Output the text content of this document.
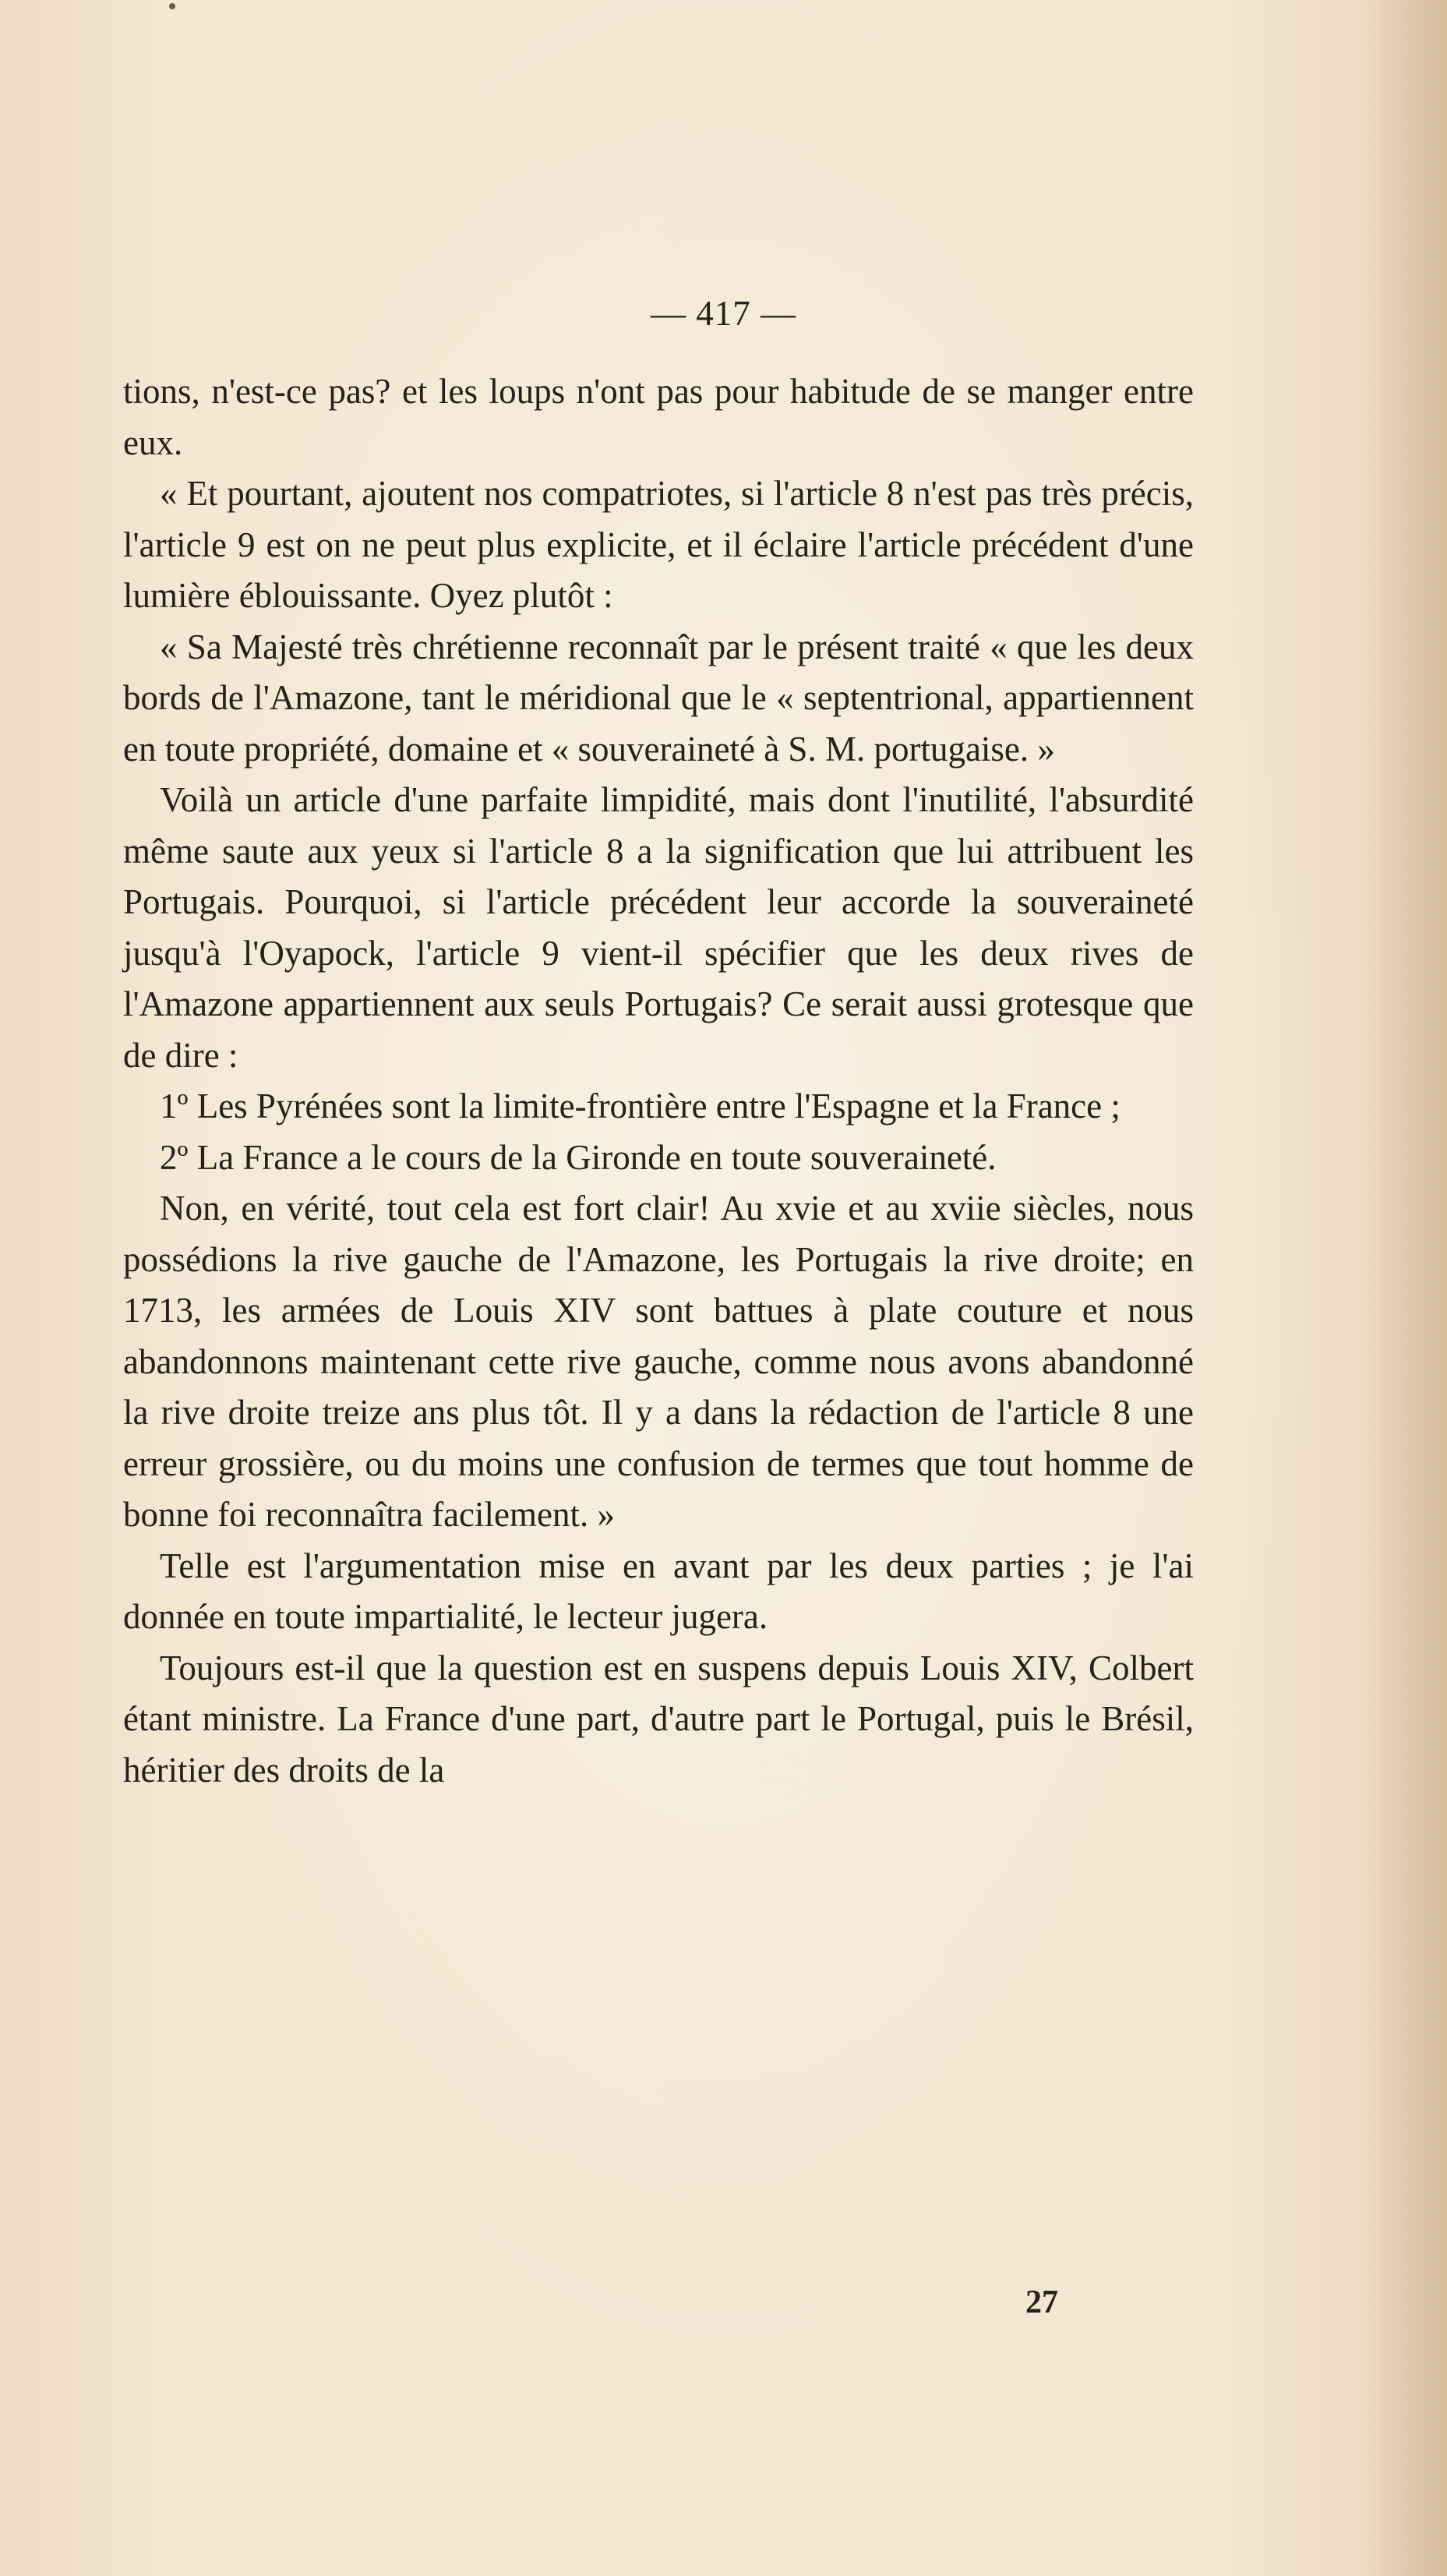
— 417 —

tions, n'est-ce pas? et les loups n'ont pas pour habitude de se manger entre eux.

« Et pourtant, ajoutent nos compatriotes, si l'article 8 n'est pas très précis, l'article 9 est on ne peut plus explicite, et il éclaire l'article précédent d'une lumière éblouissante. Oyez plutôt :

« Sa Majesté très chrétienne reconnaît par le présent traité « que les deux bords de l'Amazone, tant le méridional que le « septentrional, appartiennent en toute propriété, domaine et « souveraineté à S. M. portugaise. »

Voilà un article d'une parfaite limpidité, mais dont l'inutilité, l'absurdité même saute aux yeux si l'article 8 a la signification que lui attribuent les Portugais. Pourquoi, si l'article précédent leur accorde la souveraineté jusqu'à l'Oyapock, l'article 9 vient-il spécifier que les deux rives de l'Amazone appartiennent aux seuls Portugais? Ce serait aussi grotesque que de dire :

1º Les Pyrénées sont la limite-frontière entre l'Espagne et la France ;

2º La France a le cours de la Gironde en toute souveraineté.

Non, en vérité, tout cela est fort clair! Au xvie et au xviie siècles, nous possédions la rive gauche de l'Amazone, les Portugais la rive droite; en 1713, les armées de Louis XIV sont battues à plate couture et nous abandonnons maintenant cette rive gauche, comme nous avons abandonné la rive droite treize ans plus tôt. Il y a dans la rédaction de l'article 8 une erreur grossière, ou du moins une confusion de termes que tout homme de bonne foi reconnaîtra facilement. »

Telle est l'argumentation mise en avant par les deux parties ; je l'ai donnée en toute impartialité, le lecteur jugera.

Toujours est-il que la question est en suspens depuis Louis XIV, Colbert étant ministre. La France d'une part, d'autre part le Portugal, puis le Brésil, héritier des droits de la

27
